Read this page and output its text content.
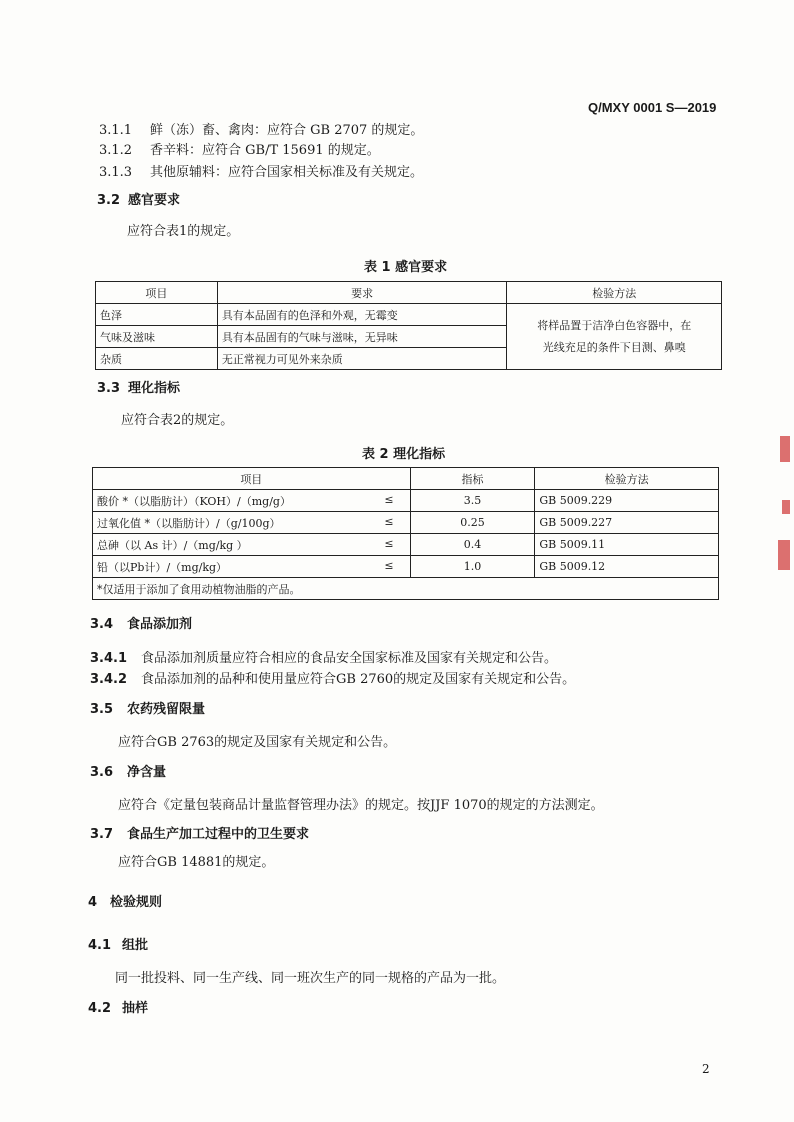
Q/MXY 0001 S—2019
3.1.1 鲜（冻）畜、禽肉：应符合 GB 2707 的规定。
3.1.2 香辛料：应符合 GB/T 15691 的规定。
3.1.3 其他原辅料：应符合国家相关标准及有关规定。
3.2 感官要求
应符合表1的规定。
表 1 感官要求
项目	要求	检验方法
色泽	具有本品固有的色泽和外观，无霉变	将样品置于洁净白色容器中，在
光线充足的条件下目测、鼻嗅

气味及滋味	具有本品固有的气味与滋味，无异味	
杂质	无正常视力可见外来杂质	
3.3 理化指标
应符合表2的规定。
表 2 理化指标
项目	指标	检验方法
酸价 *（以脂肪计）（KOH）/（mg/g） ≤	3.5	GB 5009.229
过氧化值 *（以脂肪计）/（g/100g） ≤	0.25	GB 5009.227
总砷（以 As 计）/（mg/kg ） ≤	0.4	GB 5009.11
铅（以Pb计）/（mg/kg） ≤	1.0	GB 5009.12
*仅适用于添加了食用动植物油脂的产品。		
3.4 食品添加剂
3.4.1 食品添加剂质量应符合相应的食品安全国家标准及国家有关规定和公告。
3.4.2 食品添加剂的品种和使用量应符合GB 2760的规定及国家有关规定和公告。
3.5 农药残留限量
应符合GB 2763的规定及国家有关规定和公告。
3.6 净含量
应符合《定量包装商品计量监督管理办法》的规定。按JJF 1070的规定的方法测定。
3.7 食品生产加工过程中的卫生要求
应符合GB 14881的规定。
4 检验规则
4.1 组批
同一批投料、同一生产线、同一班次生产的同一规格的产品为一批。
4.2 抽样
2
